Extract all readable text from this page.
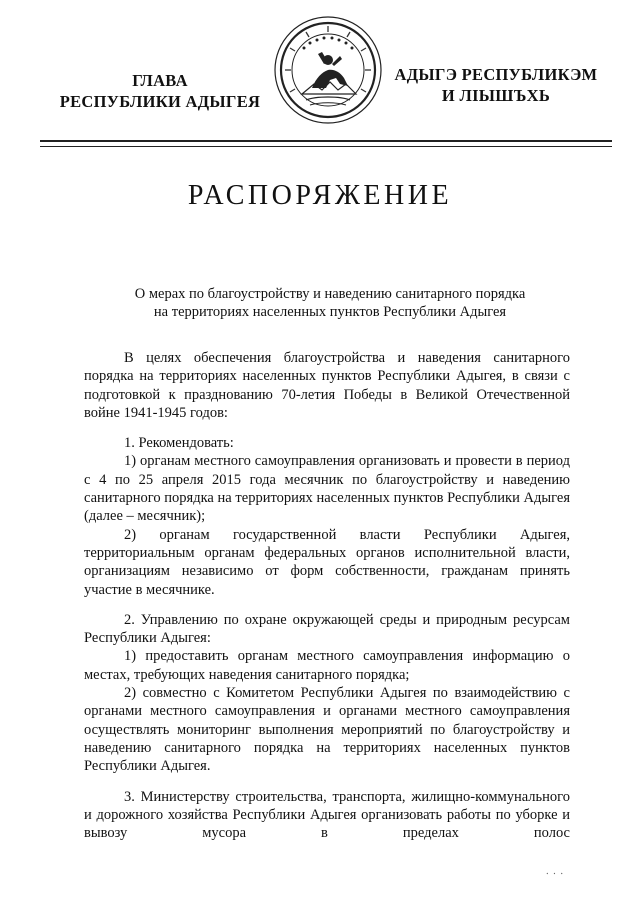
ГЛАВА
РЕСПУБЛИКИ АДЫГЕЯ
АДЫГЭ РЕСПУБЛИКЭМ
И ЛІЫШЪХЬ
РАСПОРЯЖЕНИЕ
О мерах по благоустройству и наведению санитарного порядка
на территориях населенных пунктов Республики Адыгея

В целях обеспечения благоустройства и наведения санитарного порядка на территориях населенных пунктов Республики Адыгея, в связи с подготовкой к празднованию 70-летия Победы в Великой Отечественной войне 1941-1945 годов:

1. Рекомендовать:

1) органам местного самоуправления организовать и провести в период с 4 по 25 апреля 2015 года месячник по благоустройству и наведению санитарного порядка на территориях населенных пунктов Республики Адыгея (далее – месячник);

2) органам государственной власти Республики Адыгея, территориальным органам федеральных органов исполнительной власти, организациям независимо от форм собственности, гражданам принять участие в месячнике.

2. Управлению по охране окружающей среды и природным ресурсам Республики Адыгея:

1) предоставить органам местного самоуправления информацию о местах, требующих наведения санитарного порядка;

2) совместно с Комитетом Республики Адыгея по взаимодействию с органами местного самоуправления и органами местного самоуправления осуществлять мониторинг выполнения мероприятий по благоустройству и наведению санитарного порядка на территориях населенных пунктов Республики Адыгея.

3. Министерству строительства, транспорта, жилищно-коммунального и дорожного хозяйства Республики Адыгея организовать работы по уборке и вывозу мусора в пределах полос

⸱ ⸱ ⸱
